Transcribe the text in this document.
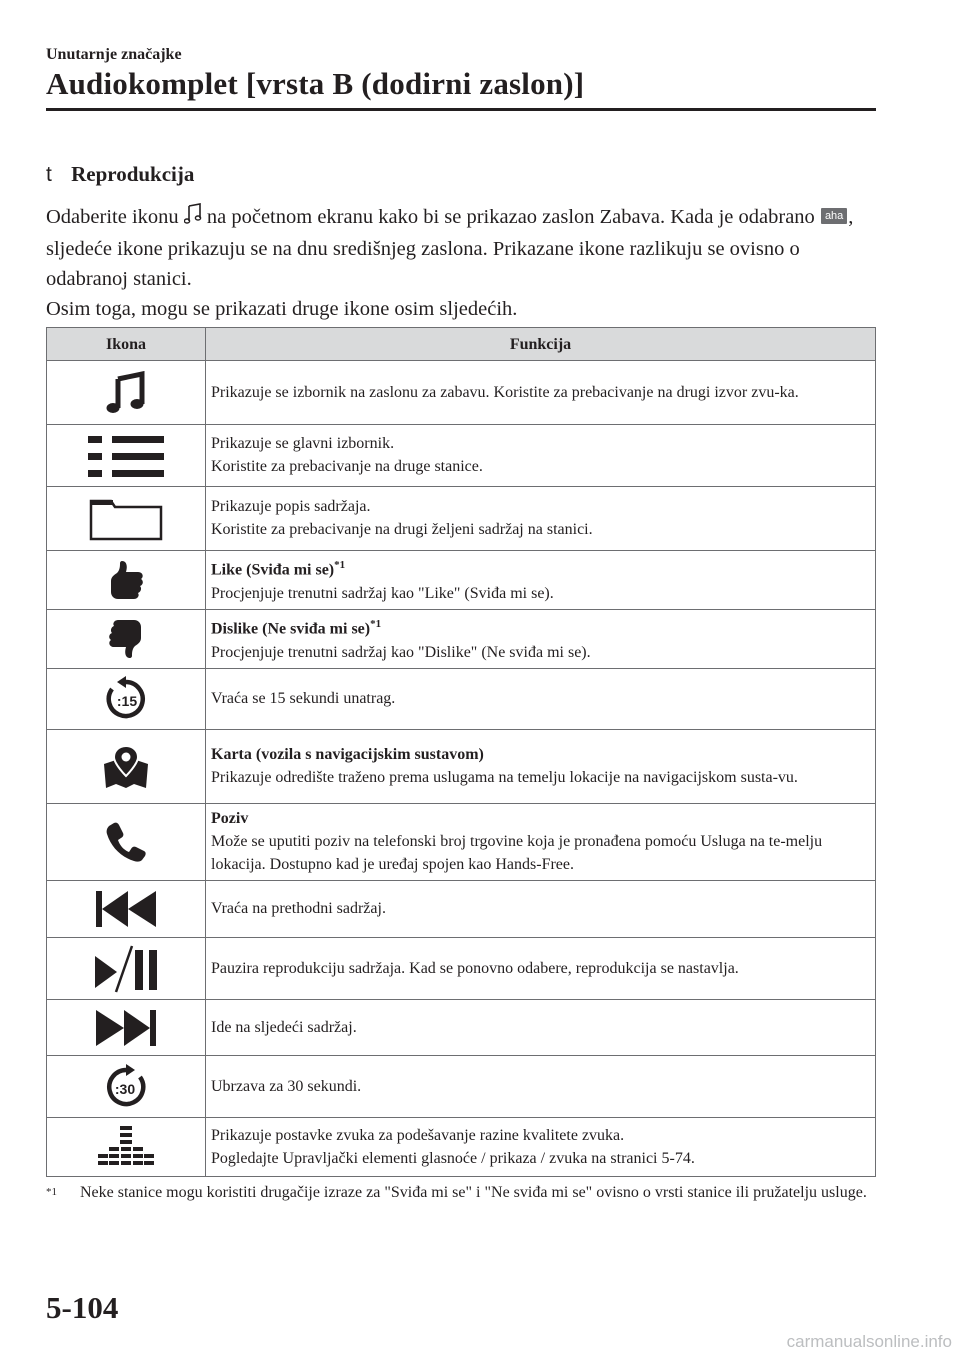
Unutarnje značajke
Audiokomplet [vrsta B (dodirni zaslon)]
t Reprodukcija

Odaberite ikonu  na početnom ekranu kako bi se prikazao zaslon Zabava. Kada je odabrano aha , sljedeće ikone prikazuju se na dnu središnjeg zaslona. Prikazane ikone razlikuju se ovisno o odabranoj stanici.

Osim toga, mogu se prikazati druge ikone osim sljedećih.

Ikona	Funkcija

Prikazuje se izbornik na zaslonu za zabavu. Koristite za prebacivanje na drugi izvor zvu-ka.

Prikazuje se glavni izbornik.
Koristite za prebacivanje na druge stanice.

Prikazuje popis sadržaja.
Koristite za prebacivanje na drugi željeni sadržaj na stanici.

Like (Sviđa mi se)$^{*1}$
Procjenjuje trenutni sadržaj kao "Like" (Sviđa mi se).

Dislike (Ne sviđa mi se)$^{*1}$
Procjenjuje trenutni sadržaj kao "Dislike" (Ne sviđa mi se).

:15	Vraća se 15 sekundi unatrag.

Karta (vozila s navigacijskim sustavom)
Prikazuje odredište traženo prema uslugama na temelju lokacije na navigacijskom susta-vu.

Poziv
Može se uputiti poziv na telefonski broj trgovine koja je pronađena pomoću Usluga na te-melju lokacija. Dostupno kad je uređaj spojen kao Hands-Free.

Vraća na prethodni sadržaj.

Pauzira reprodukciju sadržaja. Kad se ponovno odabere, reprodukcija se nastavlja.

Ide na sljedeći sadržaj.

:30	Ubrzava za 30 sekundi.

Prikazuje postavke zvuka za podešavanje razine kvalitete zvuka.
Pogledajte Upravljački elementi glasnoće / prikaza / zvuka na stranici 5-74.
$^{*1}$ Neke stanice mogu koristiti drugačije izraze za "Sviđa mi se" i "Ne sviđa mi se" ovisno o vrsti stanice ili pružatelju usluge.
5-104
carmanualsonline.info
